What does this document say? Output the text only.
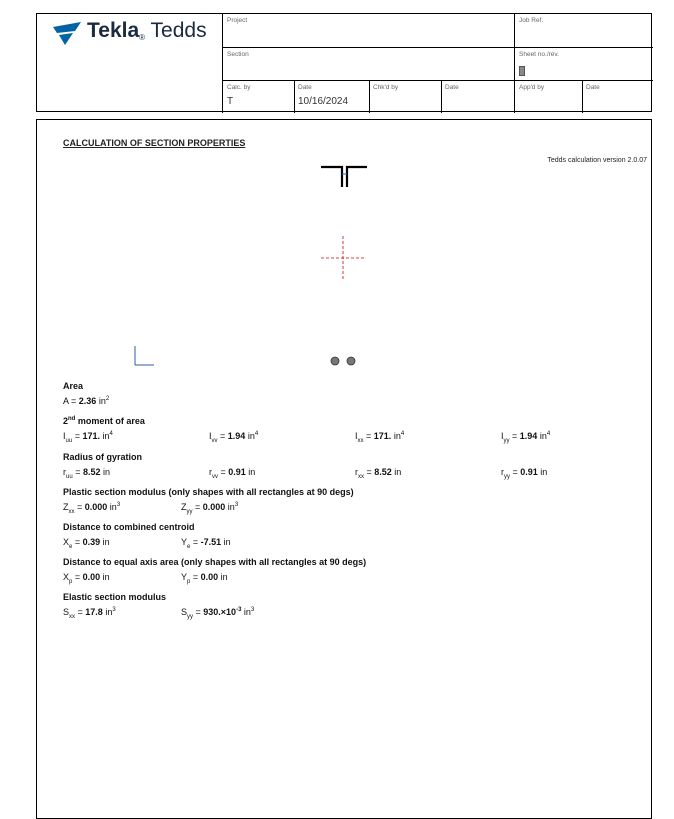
Tekla® Tedds	Project	Job Ref.
Section	Sheet no./rev.
Calc. by	Date	Chk'd by	Date	App'd by	Date
T	10/16/2024
CALCULATION OF SECTION PROPERTIES
Tedds calculation version 2.0.07
Area
A = 2.36 $in^2$
2nd moment of area
$I_{uu} = 171$. $in^4$	$I_{vv} = 1.94$ $in^4$	$I_{xx} = 171$. $in^4$	$I_{yy} = 1.94$ $in^4$
Radius of gyration
$r_{uu} = 8.52$ in	$r_{vv} = 0.91$ in	$r_{xx} = 8.52$ in	$r_{yy} = 0.91$ in
Plastic section modulus (only shapes with all rectangles at 90 degs)
$Z_{xx} = 0.000$ $in^3$	$Z_{yy} = 0.000$ $in^3$
Distance to combined centroid
$X_e = 0.39$ in	$Y_e = -7.51$ in
Distance to equal axis area (only shapes with all rectangles at 90 degs)
$X_p = 0.00$ in	$Y_p = 0.00$ in
Elastic section modulus
$S_{xx} = 17.8$ $in^3$	$S_{yy} = 930.\times 10^{-3}$ $in^3$
